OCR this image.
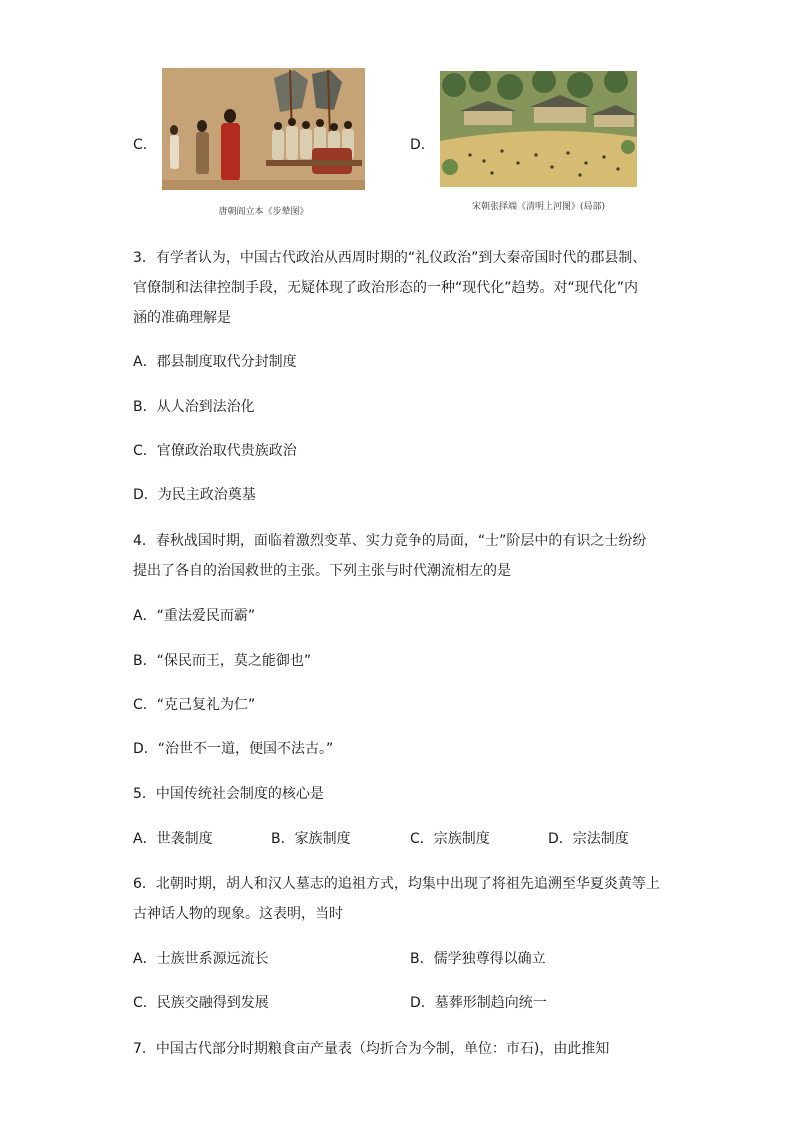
C．
唐朝阎立本《步辇图》
D．
宋朝张择端《清明上河图》(局部)
3．有学者认为，中国古代政治从西周时期的“礼仪政治”到大秦帝国时代的郡县制、
官僚制和法律控制手段，无疑体现了政治形态的一种“现代化”趋势。对“现代化”内
涵的准确理解是
A．郡县制度取代分封制度
B．从人治到法治化
C．官僚政治取代贵族政治
D．为民主政治奠基
4．春秋战国时期，面临着激烈变革、实力竞争的局面，“士”阶层中的有识之士纷纷
提出了各自的治国救世的主张。下列主张与时代潮流相左的是
A．“重法爱民而霸”
B．“保民而王，莫之能御也”
C．“克己复礼为仁”
D．“治世不一道，便国不法古。”
5．中国传统社会制度的核心是
A．世袭制度	B．家族制度	C．宗族制度	D．宗法制度
6．北朝时期，胡人和汉人墓志的追祖方式，均集中出现了将祖先追溯至华夏炎黄等上
古神话人物的现象。这表明，当时
A．士族世系源远流长	B．儒学独尊得以确立
C．民族交融得到发展	D．墓葬形制趋向统一
7．中国古代部分时期粮食亩产量表（均折合为今制，单位：市石)，由此推知
